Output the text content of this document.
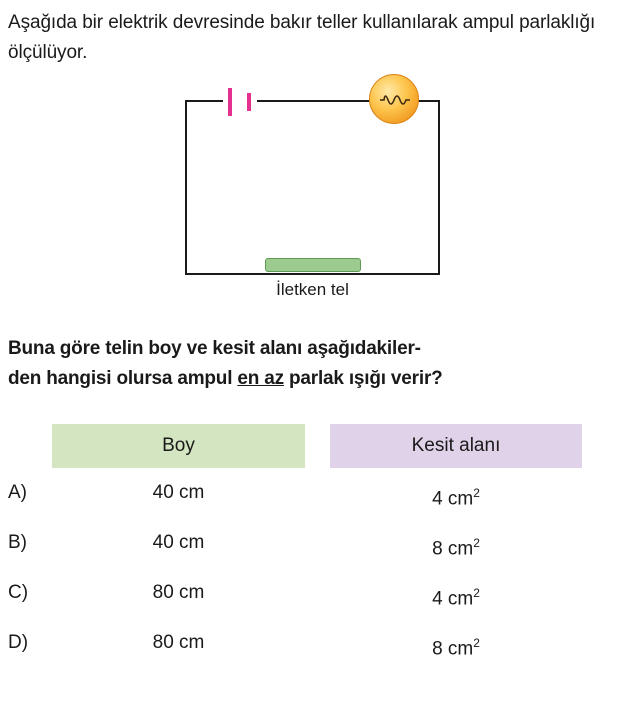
Aşağıda bir elektrik devresinde bakır teller kullanılarak ampul parlaklığı ölçülüyor.
İletken tel
Buna göre telin boy ve kesit alanı aşağıdakiler-
den hangisi olursa ampul en az parlak ışığı verir?
Boy	Kesit alanı
A)	40 cm	4 $cm^2$
B)	40 cm	8 $cm^2$
C)	80 cm	4 $cm^2$
D)	80 cm	8 $cm^2$
